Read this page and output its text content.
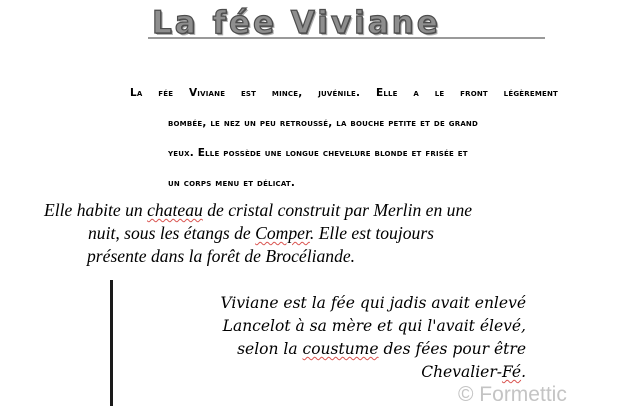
La fée Viviane
La fée Viviane est mince, juvénile. Elle a le front légèrement
bombée, le nez un peu retroussé, la bouche petite et de grand
yeux. Elle possède une longue chevelure blonde et frisée et
un corps menu et délicat.
Elle habite un chateau de cristal construit par Merlin en une
nuit, sous les étangs de Comper. Elle est toujours
présente dans la forêt de Brocéliande.
Viviane est la fée qui jadis avait enlevé
Lancelot à sa mère et qui l'avait élevé,
selon la coustume des fées pour être
Chevalier-Fé.
© Formettic
